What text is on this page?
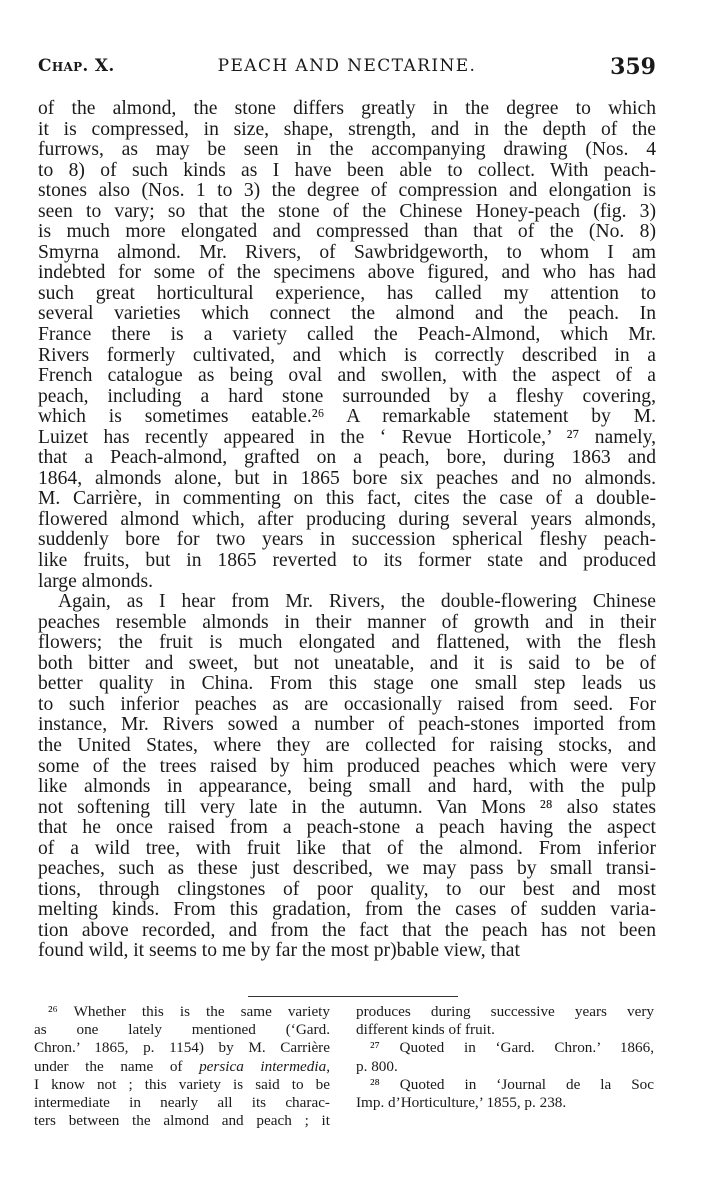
Chap. X.	PEACH AND NECTARINE.	359
of the almond, the stone differs greatly in the degree to which
it is compressed, in size, shape, strength, and in the depth of the
furrows, as may be seen in the accompanying drawing (Nos. 4
to 8) of such kinds as I have been able to collect. With peach-
stones also (Nos. 1 to 3) the degree of compression and elongation is
seen to vary; so that the stone of the Chinese Honey-peach (fig. 3)
is much more elongated and compressed than that of the (No. 8)
Smyrna almond. Mr. Rivers, of Sawbridgeworth, to whom I am
indebted for some of the specimens above figured, and who has had
such great horticultural experience, has called my attention to
several varieties which connect the almond and the peach. In
France there is a variety called the Peach-Almond, which Mr.
Rivers formerly cultivated, and which is correctly described in a
French catalogue as being oval and swollen, with the aspect of a
peach, including a hard stone surrounded by a fleshy covering,
which is sometimes eatable.²⁶ A remarkable statement by M.
Luizet has recently appeared in the ‘ Revue Horticole,’ ²⁷ namely,
that a Peach-almond, grafted on a peach, bore, during 1863 and
1864, almonds alone, but in 1865 bore six peaches and no almonds.
M. Carrière, in commenting on this fact, cites the case of a double-
flowered almond which, after producing during several years almonds,
suddenly bore for two years in succession spherical fleshy peach-
like fruits, but in 1865 reverted to its former state and produced
large almonds.
Again, as I hear from Mr. Rivers, the double-flowering Chinese
peaches resemble almonds in their manner of growth and in their
flowers; the fruit is much elongated and flattened, with the flesh
both bitter and sweet, but not uneatable, and it is said to be of
better quality in China. From this stage one small step leads us
to such inferior peaches as are occasionally raised from seed. For
instance, Mr. Rivers sowed a number of peach-stones imported from
the United States, where they are collected for raising stocks, and
some of the trees raised by him produced peaches which were very
like almonds in appearance, being small and hard, with the pulp
not softening till very late in the autumn. Van Mons ²⁸ also states
that he once raised from a peach-stone a peach having the aspect
of a wild tree, with fruit like that of the almond. From inferior
peaches, such as these just described, we may pass by small transi-
tions, through clingstones of poor quality, to our best and most
melting kinds. From this gradation, from the cases of sudden varia-
tion above recorded, and from the fact that the peach has not been
found wild, it seems to me by far the most pr)bable view, that
²⁶ Whether this is the same variety
as one lately mentioned (‘Gard.
Chron.’ 1865, p. 1154) by M. Carrière
under the name of persica intermedia,
I know not ; this variety is said to be
intermediate in nearly all its charac-
ters between the almond and peach ; it
produces during successive years very
different kinds of fruit.
²⁷ Quoted in ‘Gard. Chron.’ 1866,
p. 800.
²⁸ Quoted in ‘Journal de la Soc
Imp. d’Horticulture,’ 1855, p. 238.
